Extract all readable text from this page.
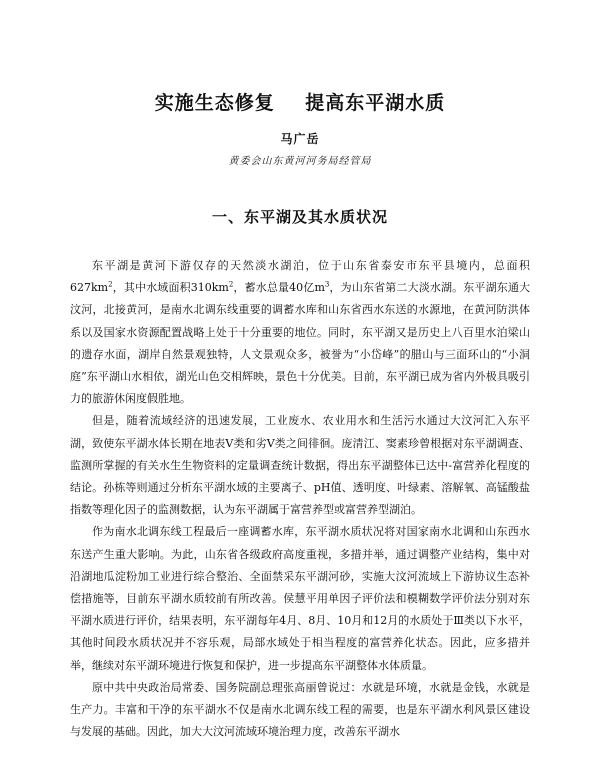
实施生态修复    提高东平湖水质

马广岳

黄委会山东黄河河务局经管局

一、东平湖及其水质状况

东平湖是黄河下游仅存的天然淡水湖泊，位于山东省泰安市东平县境内，总面积$627km^2$，其中水域面积$310km^2$，蓄水总量40亿$m^3$，为山东省第二大淡水湖。东平湖东通大汶河，北接黄河，是南水北调东线重要的调蓄水库和山东省西水东送的水源地，在黄河防洪体系以及国家水资源配置战略上处于十分重要的地位。同时，东平湖又是历史上八百里水泊梁山的遗存水面，湖岸自然景观独特，人文景观众多，被誉为“小岱峰”的腊山与三面环山的“小洞庭”东平湖山水相依，湖光山色交相辉映，景色十分优美。目前，东平湖已成为省内外极具吸引力的旅游休闲度假胜地。

但是，随着流域经济的迅速发展，工业废水、农业用水和生活污水通过大汶河汇入东平湖，致使东平湖水体长期在地表Ⅴ类和劣Ⅴ类之间徘徊。庞清江、窦素珍曾根据对东平湖调查、监测所掌握的有关水生生物资料的定量调查统计数据，得出东平湖整体已达中-富营养化程度的结论。孙栋等则通过分析东平湖水域的主要离子、pH值、透明度、叶绿素、溶解氧、高锰酸盐指数等理化因子的监测数据，认为东平湖属于富营养型或富营养型湖泊。

作为南水北调东线工程最后一座调蓄水库，东平湖水质状况将对国家南水北调和山东西水东送产生重大影响。为此，山东省各级政府高度重视，多措并举，通过调整产业结构，集中对沿湖地瓜淀粉加工业进行综合整治、全面禁采东平湖河砂，实施大汶河流域上下游协议生态补偿措施等，目前东平湖水质较前有所改善。侯慧平用单因子评价法和模糊数学评价法分别对东平湖水质进行评价，结果表明，东平湖每年4月、8月、10月和12月的水质处于Ⅲ类以下水平，其他时间段水质状况并不容乐观，局部水域处于相当程度的富营养化状态。因此，应多措并举，继续对东平湖环境进行恢复和保护，进一步提高东平湖整体水体质量。

原中共中央政治局常委、国务院副总理张高丽曾说过：水就是环境，水就是金钱，水就是生产力。丰富和干净的东平湖水不仅是南水北调东线工程的需要，也是东平湖水利风景区建设与发展的基础。因此，加大大汶河流域环境治理力度，改善东平湖水
